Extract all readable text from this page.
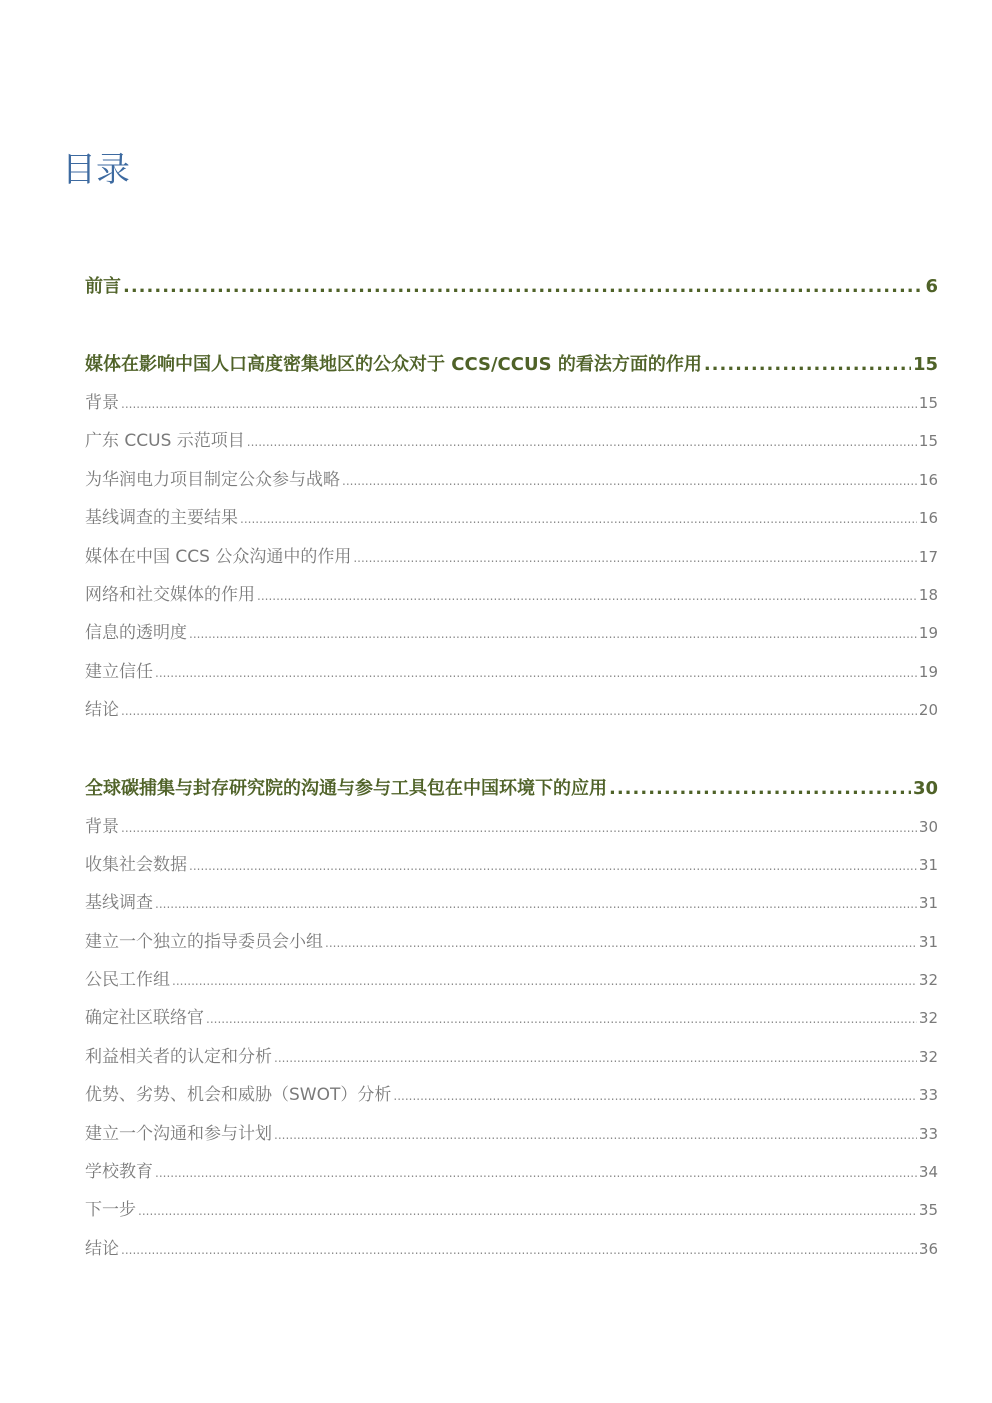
目录
前言 .....	6
媒体在影响中国人口高度密集地区的公众对于 CCS/CCUS 的看法方面的作用 .....	15
背景 .....	15
广东 CCUS 示范项目 .....	15
为华润电力项目制定公众参与战略 .....	16
基线调查的主要结果 .....	16
媒体在中国 CCS 公众沟通中的作用 .....	17
网络和社交媒体的作用 .....	18
信息的透明度 .....	19
建立信任 .....	19
结论 .....	20
全球碳捕集与封存研究院的沟通与参与工具包在中国环境下的应用 .....	30
背景 .....	30
收集社会数据 .....	31
基线调查 .....	31
建立一个独立的指导委员会小组 .....	31
公民工作组 .....	32
确定社区联络官 .....	32
利益相关者的认定和分析 .....	32
优势、劣势、机会和威胁（SWOT）分析 .....	33
建立一个沟通和参与计划 .....	33
学校教育 .....	34
下一步 .....	35
结论 .....	36
